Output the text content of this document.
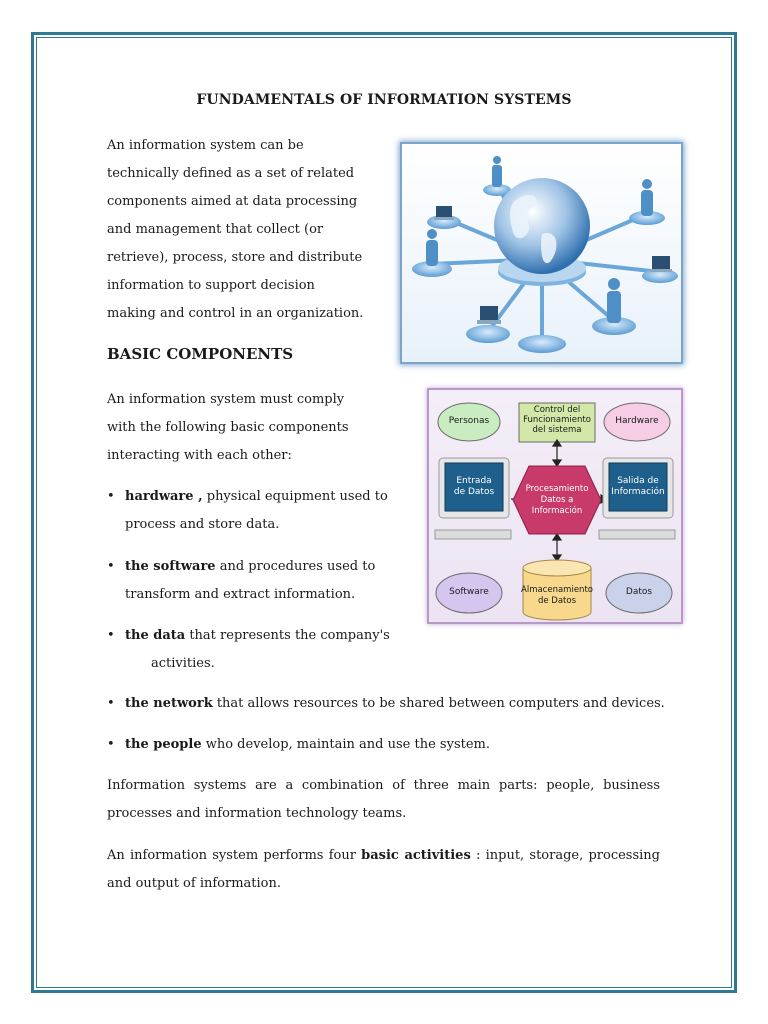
FUNDAMENTALS OF INFORMATION SYSTEMS

An information system can be

technically defined as a set of related

components aimed at data processing

and management that collect (or

retrieve), process, store and distribute

information to support decision

making and control in an organization.

BASIC COMPONENTS

An information system must comply

with the following basic components

interacting with each other:

Personas
Control del
Funcionamiento
del sistema
Hardware
Entrada
de Datos	Procesamiento
Datos a
Información
Salida de
Información
Software	Almacenamiento
de Datos
Datos
• hardware , physical equipment used to
process and store data.
• the software and procedures used to
transform and extract information.
• the data that represents the company's
activities.
• the network that allows resources to be shared between computers and devices.
• the people who develop, maintain and use the system.

Information systems are a combination of three main parts: people, business

processes and information technology teams.

An information system performs four basic activities : input, storage, processing

and output of information.
